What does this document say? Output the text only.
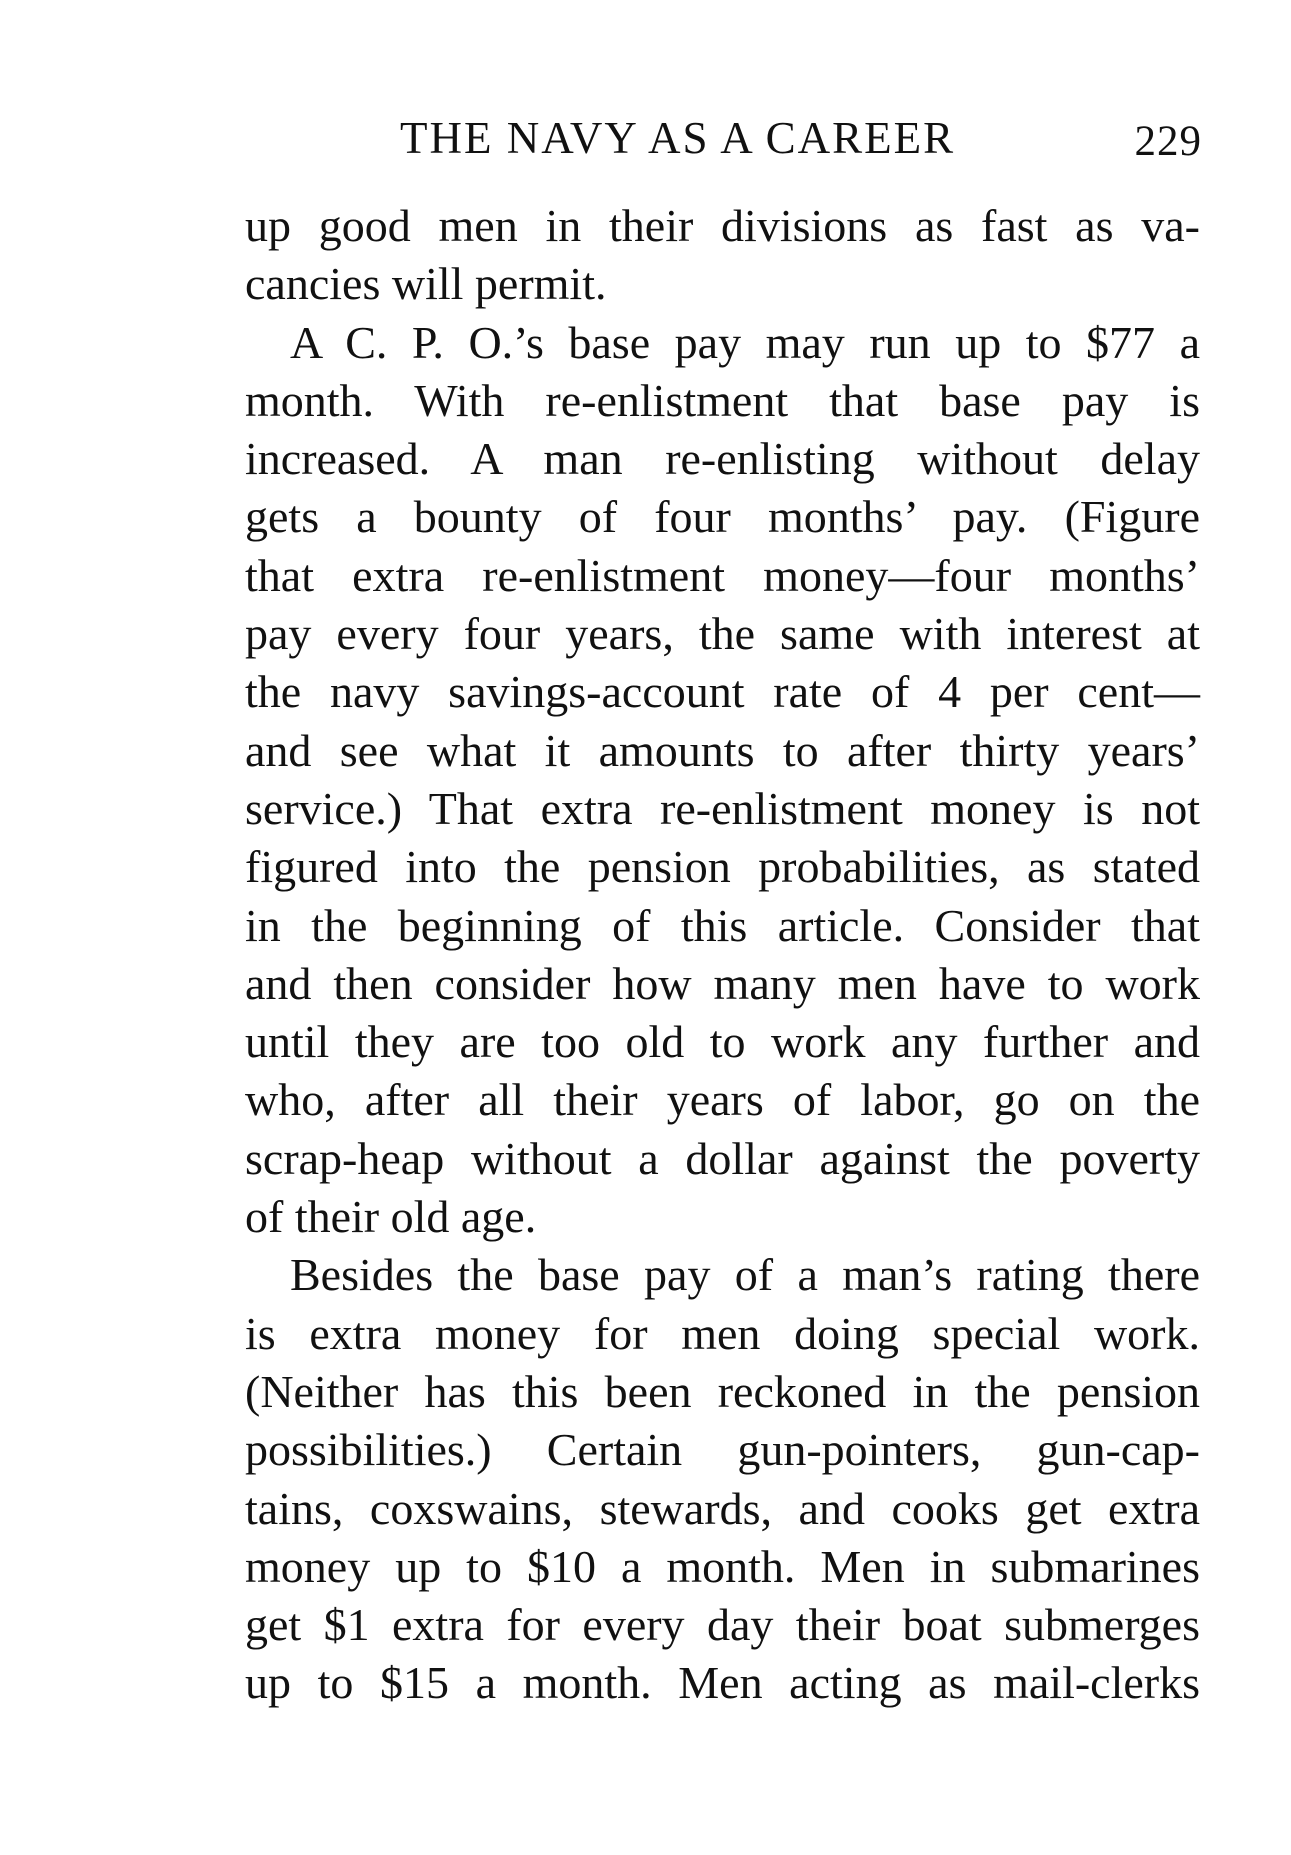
THE NAVY AS A CAREER	229
up good men in their divisions as fast as va-
cancies will permit.
A C. P. O.’s base pay may run up to $77 a
month. With re-enlistment that base pay is
increased. A man re-enlisting without delay
gets a bounty of four months’ pay. (Figure
that extra re-enlistment money—four months’
pay every four years, the same with interest at
the navy savings-account rate of 4 per cent—
and see what it amounts to after thirty years’
service.) That extra re-enlistment money is not
figured into the pension probabilities, as stated
in the beginning of this article. Consider that
and then consider how many men have to work
until they are too old to work any further and
who, after all their years of labor, go on the
scrap-heap without a dollar against the poverty
of their old age.
Besides the base pay of a man’s rating there
is extra money for men doing special work.
(Neither has this been reckoned in the pension
possibilities.) Certain gun-pointers, gun-cap-
tains, coxswains, stewards, and cooks get extra
money up to $10 a month. Men in submarines
get $1 extra for every day their boat submerges
up to $15 a month. Men acting as mail-clerks
